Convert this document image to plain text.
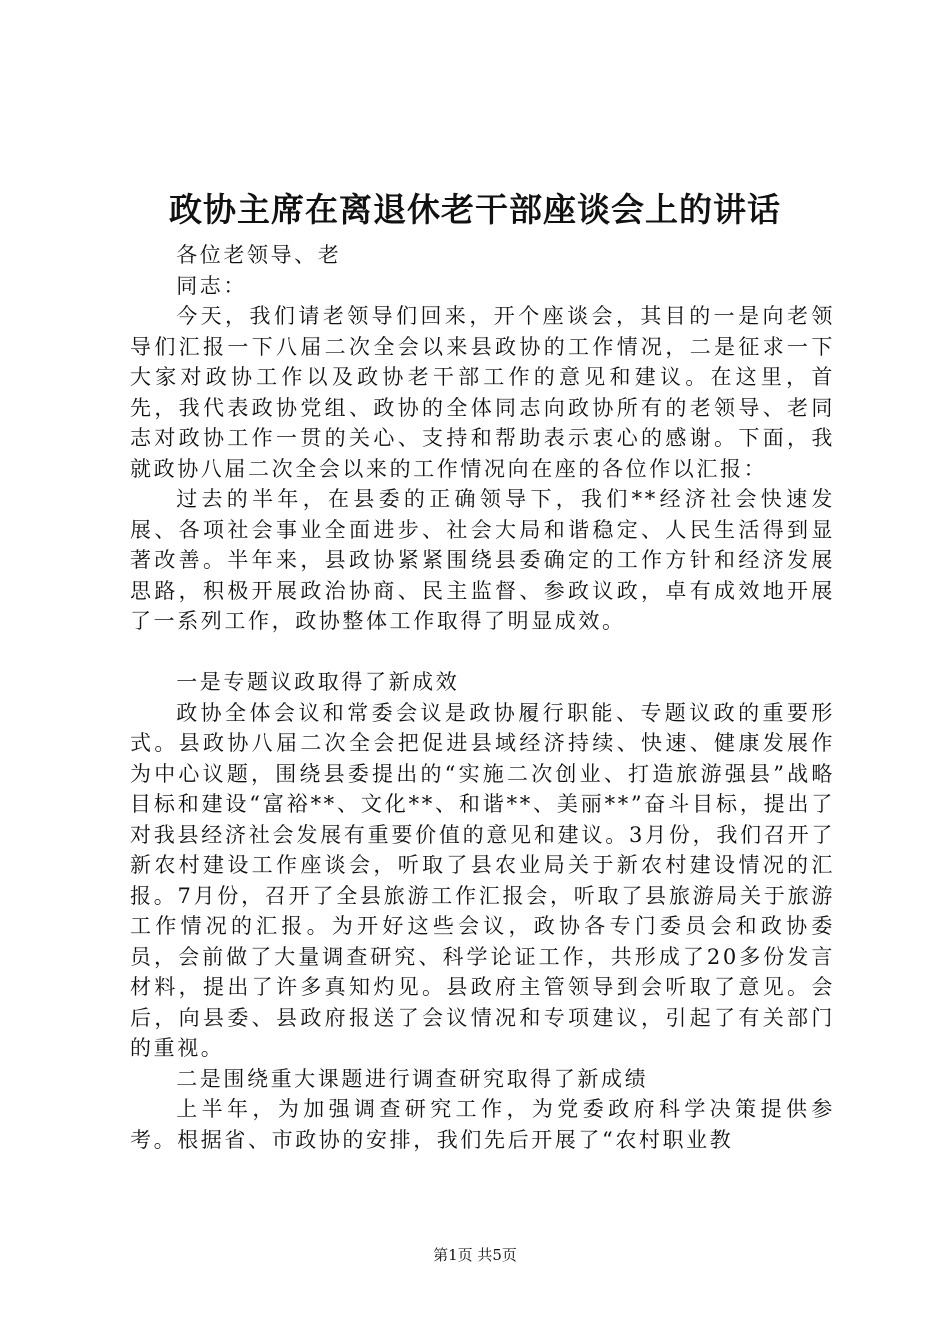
政协主席在离退休老干部座谈会上的讲话

各位老领导、老

同志：

今天，我们请老领导们回来，开个座谈会，其目的一是向老领导们汇报一下八届二次全会以来县政协的工作情况，二是征求一下大家对政协工作以及政协老干部工作的意见和建议。在这里，首先，我代表政协党组、政协的全体同志向政协所有的老领导、老同志对政协工作一贯的关心、支持和帮助表示衷心的感谢。下面，我就政协八届二次全会以来的工作情况向在座的各位作以汇报：

过去的半年，在县委的正确领导下，我们**经济社会快速发展、各项社会事业全面进步、社会大局和谐稳定、人民生活得到显著改善。半年来，县政协紧紧围绕县委确定的工作方针和经济发展思路，积极开展政治协商、民主监督、参政议政，卓有成效地开展了一系列工作，政协整体工作取得了明显成效。

一是专题议政取得了新成效

政协全体会议和常委会议是政协履行职能、专题议政的重要形式。县政协八届二次全会把促进县域经济持续、快速、健康发展作为中心议题，围绕县委提出的“实施二次创业、打造旅游强县”战略目标和建设“富裕**、文化**、和谐**、美丽**”奋斗目标，提出了对我县经济社会发展有重要价值的意见和建议。3月份，我们召开了新农村建设工作座谈会，听取了县农业局关于新农村建设情况的汇报。7月份，召开了全县旅游工作汇报会，听取了县旅游局关于旅游工作情况的汇报。为开好这些会议，政协各专门委员会和政协委员，会前做了大量调查研究、科学论证工作，共形成了20多份发言材料，提出了许多真知灼见。县政府主管领导到会听取了意见。会后，向县委、县政府报送了会议情况和专项建议，引起了有关部门的重视。

二是围绕重大课题进行调查研究取得了新成绩

上半年，为加强调查研究工作，为党委政府科学决策提供参考。根据省、市政协的安排，我们先后开展了“农村职业教

第1页 共5页
